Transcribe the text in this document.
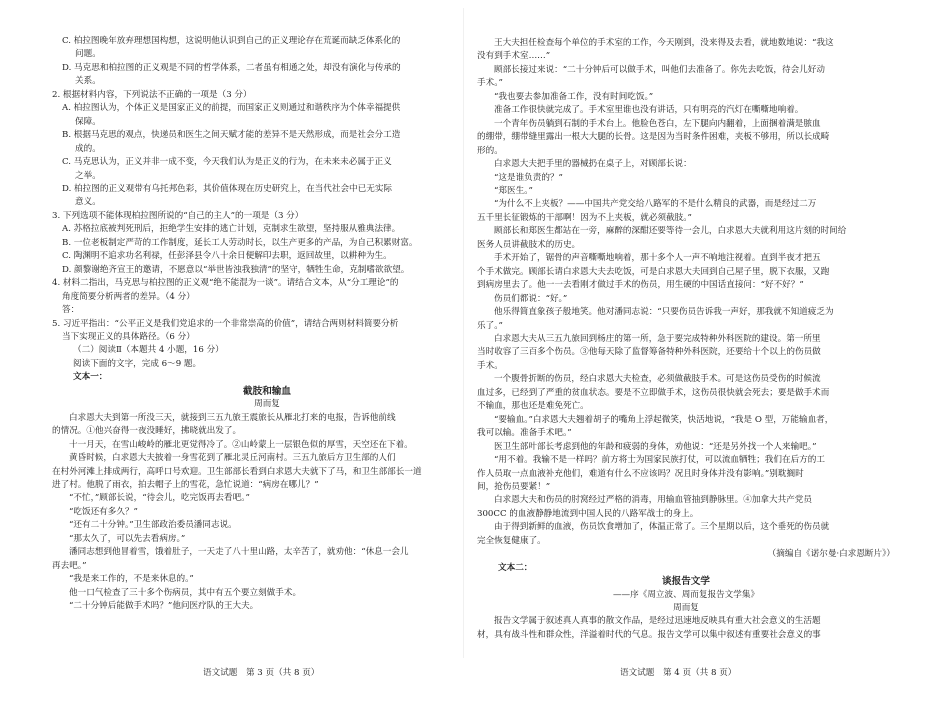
C. 柏拉图晚年放弃理想国构想，这说明他认识到自己的正义理论存在荒诞而缺乏体系化的
问题。
D. 马克思和柏拉图的正义观是不同的哲学体系，二者虽有相通之处，却没有演化与传承的
关系。
2. 根据材料内容，下列说法不正确的一项是（3 分）
A. 柏拉图认为，个体正义是国家正义的前提，而国家正义则通过和谐秩序为个体幸福提供
保障。
B. 根据马克思的观点，快递员和医生之间天赋才能的差异不是天然形成，而是社会分工造
成的。
C. 马克思认为，正义并非一成不变，今天我们认为是正义的行为，在未来未必属于正义
之举。
D. 柏拉图的正义观带有乌托邦色彩，其价值体现在历史研究上，在当代社会中已无实际
意义。
3. 下列选项不能体现柏拉图所说的“自己的主人”的一项是（3 分）
A. 苏格拉底被判死刑后，拒绝学生安排的逃亡计划，克制求生欲望，坚持服从雅典法律。
B. 一位老板制定严苛的工作制度，延长工人劳动时长，以生产更多的产品，为自己积累财富。
C. 陶渊明不追求功名利禄，任彭泽县令八十余日便解印去职，返回故里，以耕种为生。
D. 颜黎谢绝齐宣王的邀请，不愿意以“举世皆浊我独清”的坚守，牺牲生命，克制嗜欲欲望。
4. 材料二指出，马克思与柏拉图的正义观“绝不能混为一谈”。请结合文本，从“分工理论”的
角度简要分析两者的差异。（4 分）
答：
5. 习近平指出：“公平正义是我们党追求的一个非常崇高的价值”，请结合两则材料简要分析
当下实现正义的具体路径。（6 分）
（二）阅读Ⅱ（本题共 4 小题，16 分）
阅读下面的文字，完成 6～9 题。
文本一：
截肢和输血
周而复
白求恩大夫到第一所没三天，就接到三五九旅王震旅长从雁北打来的电报，告诉他前线
的情况。①他兴奋得一夜没睡好，拂晓就出发了。
十一月天，在雪山峻岭的雁北更觉得冷了。②山岭蒙上一层银色似的厚雪，天空还在下着。
黄昏时候，白求恩大夫披着一身雪花到了雁北灵丘河南村。三五九旅后方卫生部的人们
在村外河滩上排成两行，高呼口号欢迎。卫生部部长看到白求恩大夫就下了马，和卫生部部长一道
进了村。他脱了雨衣，拍去帽子上的雪花，急忙说道：“病房在哪儿？”
“不忙，”顾部长说，“待会儿，吃完饭再去看吧。”
“吃饭还有多久？”
“还有二十分钟。”卫生部政治委员潘同志说。
“那太久了，可以先去看病房。”
潘同志想到他冒着雪，饿着肚子，一天走了八十里山路，太辛苦了，就劝他：“休息一会儿
再去吧。”
“我是来工作的，不是来休息的。”
他一口气检查了三十多个伤病员，其中有五个要立刻做手术。
“二十分钟后能做手术吗？”他问医疗队的王大夫。
王大夫担任检查每个单位的手术室的工作，今天刚到，没来得及去看，就地数地说：“我这
没有到手术室……”
顾部长接过来说：“二十分钟后可以做手术，叫他们去准备了。你先去吃饭，待会儿好动
手术。”
“我也要去参加准备工作，没有时间吃饭。”
准备工作很快就完成了。手术室里谁也没有讲话，只有明亮的汽灯在嘶嘶地响着。
一个青年伤员躺到石制的手术台上。他脸色苍白，左下腿向内翻着，上面捆着满是脓血
的绷带，绷带缝里露出一根大大腿的长骨。这是因为当时条件困难，夹板不够用，所以长成畸
形的。
白求恩大夫把手里的器械扔在桌子上，对顾部长说：
“这是谁负责的？”
“郑医生。”
“为什么不上夹板？——中国共产党交给八路军的不是什么精良的武器，而是经过二万
五千里长征锻炼的干部啊！因为不上夹板，就必须截肢。”
顾部长和郑医生都站在一旁，麻醉的深酣还要等待一会儿，白求恩大夫就利用这片刻的时间给
医务人员讲截肢术的历史。
手术开始了，锯骨的声音嘶嘶地响着，那十多个人一声不响地注视着。直到半夜才把五
个手术做完。顾部长请白求恩大夫去吃饭，可是白求恩大夫回到自己屋子里，脱下衣服，又跑
到病房里去了。他一一去看刚才做过手术的伤员，用生硬的中国话直接问：“好不好？”
伤员们都说：“好。”
他乐得简直象孩子般地笑。他对潘同志说：“只要伤员告诉我一声好，那我就不知道疲乏为
乐了。”
白求恩大夫从三五九旅回到杨庄的第一所，急于要完成特种外科医院的建设。第一所里
当时收容了三百多个伤员。③他每天除了监督筹备特种外科医院，还要给十个以上的伤员做
手术。
一个腹骨折断的伤员，经白求恩大夫检查，必须做截肢手术。可是这伤员受伤的时候流
血过多，已经到了严重的贫血状态。要是不立即做手术，这伤员很快就会死去；要是做手术而
不输血，那也还是难免死亡。
“要输血。”白求恩大夫翘着胡子的嘴角上浮起微笑，快活地说，“我是 O 型，万能输血者，
我可以输。准备手术吧。”
医卫生部叶部长考虑到他的年龄和疲弱的身体，劝他说：“还是另外找一个人来输吧。”
“用不着。我输不是一样吗？前方将士为国家民族打仗，可以流血牺牲；我们在后方的工
作人员取一点血液补充他们，难道有什么不应该吗？况且时身体并没有影响。”别耽搁时
间，抢伤员要紧！”
白求恩大夫和伤员的肘窝经过严格的消毒，用输血管抽到静脉里。④加拿大共产党员
300CC 的血液静静地流到中国人民的八路军战士的身上。
由于得到新鲜的血液，伤员饮食增加了，体温正常了。三个星期以后，这个垂死的伤员就
完全恢复健康了。
（摘编自《诺尔曼·白求恩断片》）
文本二：
谈报告文学
——序《周立波、周而复报告文学集》
周而复
报告文学属于叙述真人真事的散文作品，是经过迅速地反映具有重大社会意义的生活题
材，具有战斗性和群众性，洋溢着时代的气息。报告文学可以集中叙述有重要社会意义的事
语文试题　第 3 页（共 8 页）	语文试题　第 4 页（共 8 页）
